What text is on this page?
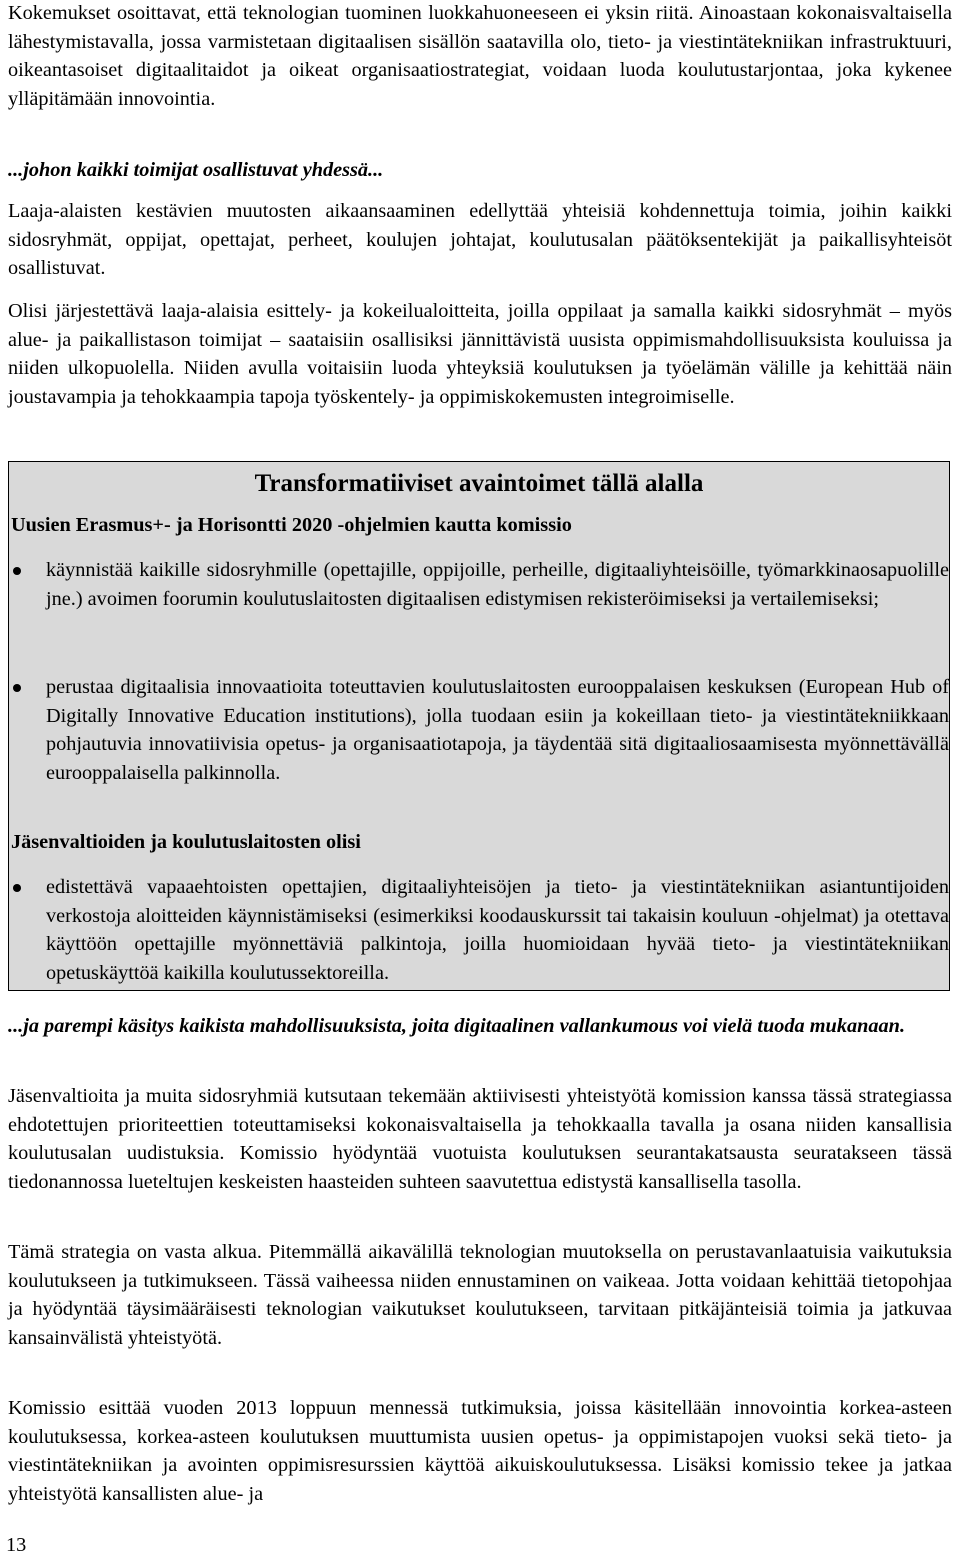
Kokemukset osoittavat, että teknologian tuominen luokkahuoneeseen ei yksin riitä. Ainoastaan kokonaisvaltaisella lähestymistavalla, jossa varmistetaan digitaalisen sisällön saatavilla olo, tieto- ja viestintätekniikan infrastruktuuri, oikeantasoiset digitaalitaidot ja oikeat organisaatiostrategiat, voidaan luoda koulutustarjontaa, joka kykenee ylläpitämään innovointia.

...johon kaikki toimijat osallistuvat yhdessä...

Laaja-alaisten kestävien muutosten aikaansaaminen edellyttää yhteisiä kohdennettuja toimia, joihin kaikki sidosryhmät, oppijat, opettajat, perheet, koulujen johtajat, koulutusalan päätöksentekijät ja paikallisyhteisöt osallistuvat.

Olisi järjestettävä laaja-alaisia esittely- ja kokeilualoitteita, joilla oppilaat ja samalla kaikki sidosryhmät – myös alue- ja paikallistason toimijat – saataisiin osallisiksi jännittävistä uusista oppimismahdollisuuksista kouluissa ja niiden ulkopuolella. Niiden avulla voitaisiin luoda yhteyksiä koulutuksen ja työelämän välille ja kehittää näin joustavampia ja tehokkaampia tapoja työskentely- ja oppimiskokemusten integroimiselle.

Transformatiiviset avaintoimet tällä alalla
Uusien Erasmus+- ja Horisontti 2020 -ohjelmien kautta komissio

käynnistää kaikille sidosryhmille (opettajille, oppijoille, perheille, digitaaliyhteisöille, työmarkkinaosapuolille jne.) avoimen foorumin koulutuslaitosten digitaalisen edistymisen rekisteröimiseksi ja vertailemiseksi;

perustaa digitaalisia innovaatioita toteuttavien koulutuslaitosten eurooppalaisen keskuksen (European Hub of Digitally Innovative Education institutions), jolla tuodaan esiin ja kokeillaan tieto- ja viestintätekniikkaan pohjautuvia innovatiivisia opetus- ja organisaatiotapoja, ja täydentää sitä digitaaliosaamisesta myönnettävällä eurooppalaisella palkinnolla.

Jäsenvaltioiden ja koulutuslaitosten olisi

edistettävä vapaaehtoisten opettajien, digitaaliyhteisöjen ja tieto- ja viestintätekniikan asiantuntijoiden verkostoja aloitteiden käynnistämiseksi (esimerkiksi koodauskurssit tai takaisin kouluun -ohjelmat) ja otettava käyttöön opettajille myönnettäviä palkintoja, joilla huomioidaan hyvää tieto- ja viestintätekniikan opetuskäyttöä kaikilla koulutussektoreilla.

...ja parempi käsitys kaikista mahdollisuuksista, joita digitaalinen vallankumous voi vielä tuoda mukanaan.

Jäsenvaltioita ja muita sidosryhmiä kutsutaan tekemään aktiivisesti yhteistyötä komission kanssa tässä strategiassa ehdotettujen prioriteettien toteuttamiseksi kokonaisvaltaisella ja tehokkaalla tavalla ja osana niiden kansallisia koulutusalan uudistuksia. Komissio hyödyntää vuotuista koulutuksen seurantakatsausta seuratakseen tässä tiedonannossa lueteltujen keskeisten haasteiden suhteen saavutettua edistystä kansallisella tasolla.

Tämä strategia on vasta alkua. Pitemmällä aikavälillä teknologian muutoksella on perustavanlaatuisia vaikutuksia koulutukseen ja tutkimukseen. Tässä vaiheessa niiden ennustaminen on vaikeaa. Jotta voidaan kehittää tietopohjaa ja hyödyntää täysimääräisesti teknologian vaikutukset koulutukseen, tarvitaan pitkäjänteisiä toimia ja jatkuvaa kansainvälistä yhteistyötä.

Komissio esittää vuoden 2013 loppuun mennessä tutkimuksia, joissa käsitellään innovointia korkea-asteen koulutuksessa, korkea-asteen koulutuksen muuttumista uusien opetus- ja oppimistapojen vuoksi sekä tieto- ja viestintätekniikan ja avointen oppimisresurssien käyttöä aikuiskoulutuksessa. Lisäksi komissio tekee ja jatkaa yhteistyötä kansallisten alue- ja

13
